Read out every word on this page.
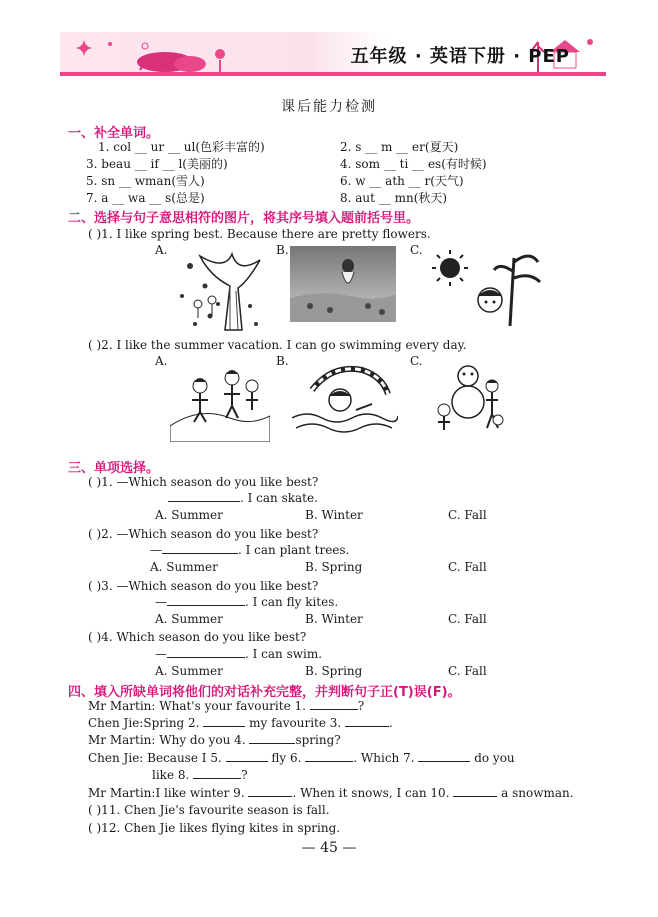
五年级 · 英语下册 · PEP
课后能力检测
一、补全单词。
1. col __ ur __ ul(色彩丰富的)	2. s __ m __ er(夏天)
3. beau __ if __ l(美丽的)	4. som __ ti __ es(有时候)
5. sn __ wman(雪人)	6. w __ ath __ r(天气)
7. a __ wa __ s(总是)	8. aut __ mn(秋天)
二、选择与句子意思相符的图片，将其序号填入题前括号里。
( )1. I like spring best. Because there are pretty flowers.
A.	B.	C.
( )2. I like the summer vacation. I can go swimming every day.
A.	B.	C.
三、单项选择。
( )1. —Which season do you like best?
. I can skate.
A. Summer	B. Winter	C. Fall
( )2. —Which season do you like best?
—	. I can plant trees.
A. Summer	B. Spring	C. Fall
( )3. —Which season do you like best?
—	. I can fly kites.
A. Summer	B. Winter	C. Fall
( )4. Which season do you like best?
—	. I can swim.
A. Summer	B. Spring	C. Fall
四、填入所缺单词将他们的对话补充完整，并判断句子正(T)误(F)。
Mr Martin: What's your favourite 1.	?
Chen Jie:Spring 2.	my favourite 3.	.
Mr Martin: Why do you 4.	spring?
Chen Jie: Because I 5.	fly 6.	. Which 7.	do you
like 8.	?
Mr Martin:I like winter 9.	. When it snows, I can 10.	a snowman.
( )11. Chen Jie's favourite season is fall.
( )12. Chen Jie likes flying kites in spring.
— 45 —
